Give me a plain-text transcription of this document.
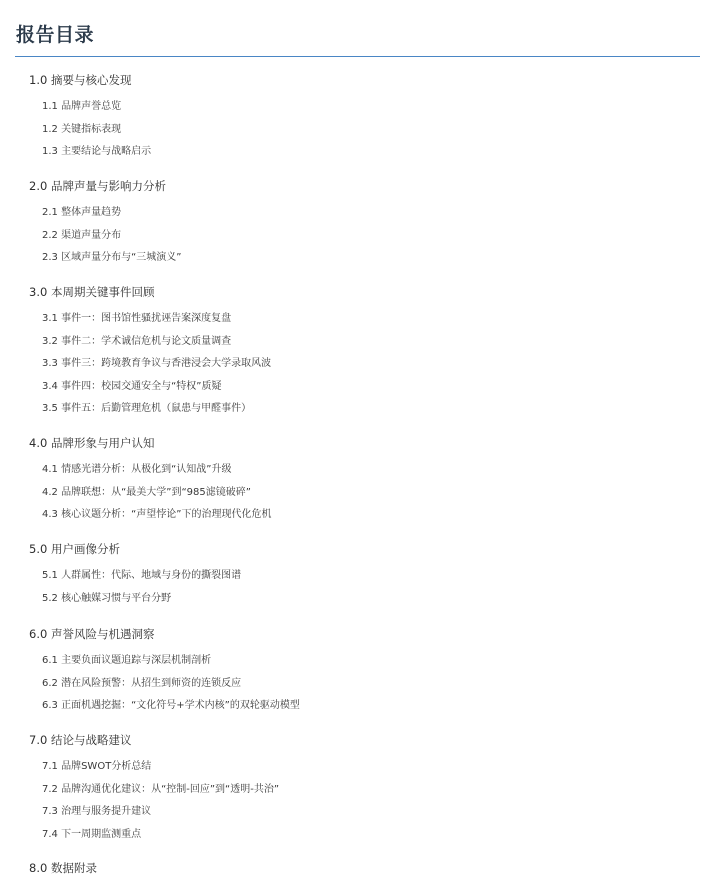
报告目录
1.0 摘要与核心发现
1.1 品牌声誉总览
1.2 关键指标表现
1.3 主要结论与战略启示
2.0 品牌声量与影响力分析
2.1 整体声量趋势
2.2 渠道声量分布
2.3 区域声量分布与“三城演义”
3.0 本周期关键事件回顾
3.1 事件一：图书馆性骚扰诬告案深度复盘
3.2 事件二：学术诚信危机与论文质量调查
3.3 事件三：跨境教育争议与香港浸会大学录取风波
3.4 事件四：校园交通安全与“特权”质疑
3.5 事件五：后勤管理危机（鼠患与甲醛事件）
4.0 品牌形象与用户认知
4.1 情感光谱分析：从极化到“认知战”升级
4.2 品牌联想：从“最美大学”到“985滤镜破碎”
4.3 核心议题分析：“声望悖论”下的治理现代化危机
5.0 用户画像分析
5.1 人群属性：代际、地域与身份的撕裂图谱
5.2 核心触媒习惯与平台分野
6.0 声誉风险与机遇洞察
6.1 主要负面议题追踪与深层机制剖析
6.2 潜在风险预警：从招生到师资的连锁反应
6.3 正面机遇挖掘：“文化符号+学术内核”的双轮驱动模型
7.0 结论与战略建议
7.1 品牌SWOT分析总结
7.2 品牌沟通优化建议：从“控制-回应”到“透明-共治”
7.3 治理与服务提升建议
7.4 下一周期监测重点
8.0 数据附录
